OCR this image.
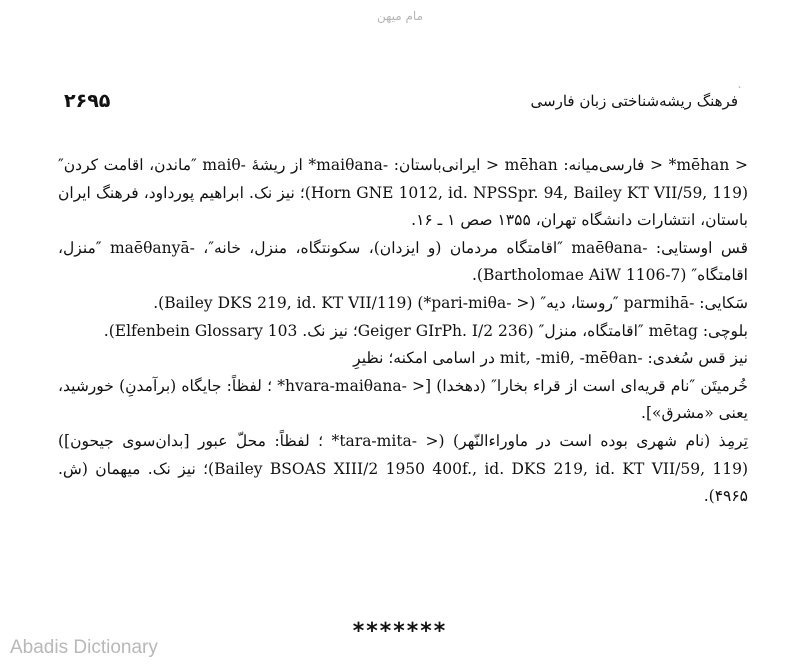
مام میهن
ˎ
۲۶۹۵	فرهنگ ریشه‌شناختی زبان فارسی

< mēhan* < فارسی‌میانه: mēhan < ایرانی‌باستان: -maiθana* از ریشهٔ -maiθ ″ماندن، اقامت کردن″ (Horn GNE 1012, id. NPSSpr. 94, Bailey KT VII/59, 119)؛ نیز نک. ابراهیم پورداود، فرهنگ ایران باستان، انتشارات دانشگاه تهران، ۱۳۵۵ صص ۱ ـ ۱۶.

قس اوستایی: -maēθana ″اقامتگاه مردمان (و ایزدان)، سکونتگاه، منزل، خانه″، -maēθanyā ″منزل، اقامتگاه″ (Bartholomae AiW 1106-7).

سَکایی: -parmihā ″روستا، دیه″ (< -pari-miθa*) (Bailey DKS 219, id. KT VII/119).

بلوچی: mētag ″اقامتگاه، منزل″ (Geiger GIrPh. I/2 236؛ نیز نک. Elfenbein Glossary 103).

نیز قس سُغدی: -mit, -miθ, -mēθan در اسامی امکنه؛ نظیرِ

خُرمیتَن ″نام قریه‌ای است از قراء بخارا″ (دهخدا) [< -hvara-maiθana* ؛ لفظاً: جایگاه (برآمدنِ) خورشید، یعنی «مشرق»].

تِرمِذ (نام شهری بوده است در ماوراءالنّهر) (< -tara-mita* ؛ لفظاً: محلّ عبور [بدان‌سوی جیحون]) (Bailey BSOAS XIII/2 1950 400f., id. DKS 219, id. KT VII/59, 119)؛ نیز نک. میهمان (ش. ۴۹۶۵).

*******
Abadis Dictionary
